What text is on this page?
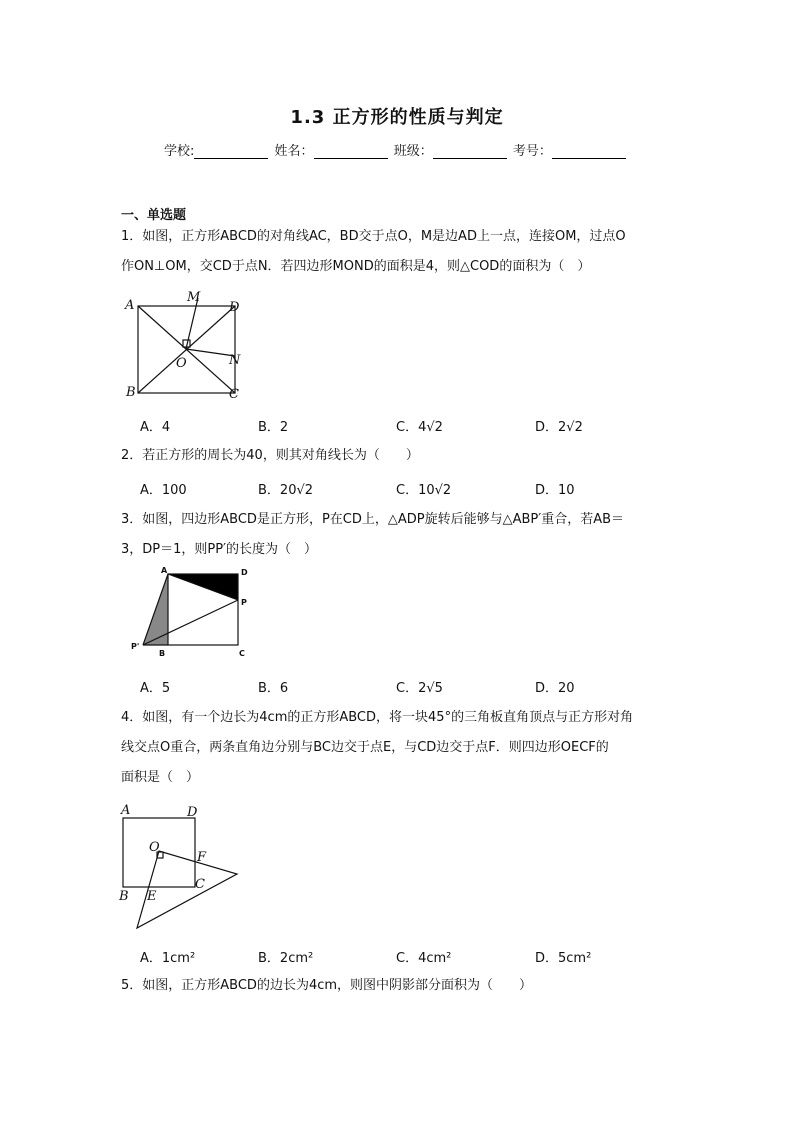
1.3 正方形的性质与判定
学校:	姓名：	班级：	考号：
一、单选题
1．如图，正方形ABCD的对角线AC，BD交于点O，M是边AD上一点，连接OM，过点O
作ON⊥OM，交CD于点N．若四边形MOND的面积是4，则△COD的面积为（　）
A
M
D
O	N
B	C
A．4	B．2	C．4√2	D．2√2
2．若正方形的周长为40，则其对角线长为（　　）
A．100	B．20√2	C．10√2	D．10
3．如图，四边形ABCD是正方形，P在CD上，△ADP旋转后能够与△ABP′重合，若AB＝
3，DP＝1，则PP′的长度为（　）
A	D
P
P'
B	C
A．5	B．6	C．2√5	D．20
4．如图，有一个边长为4cm的正方形ABCD，将一块45°的三角板直角顶点与正方形对角
线交点O重合，两条直角边分别与BC边交于点E，与CD边交于点F．则四边形OECF的
面积是（　）
A	D
O
F
B E
C
A．1cm²	B．2cm²	C．4cm²	D．5cm²
5．如图，正方形ABCD的边长为4cm，则图中阴影部分面积为（　　）
